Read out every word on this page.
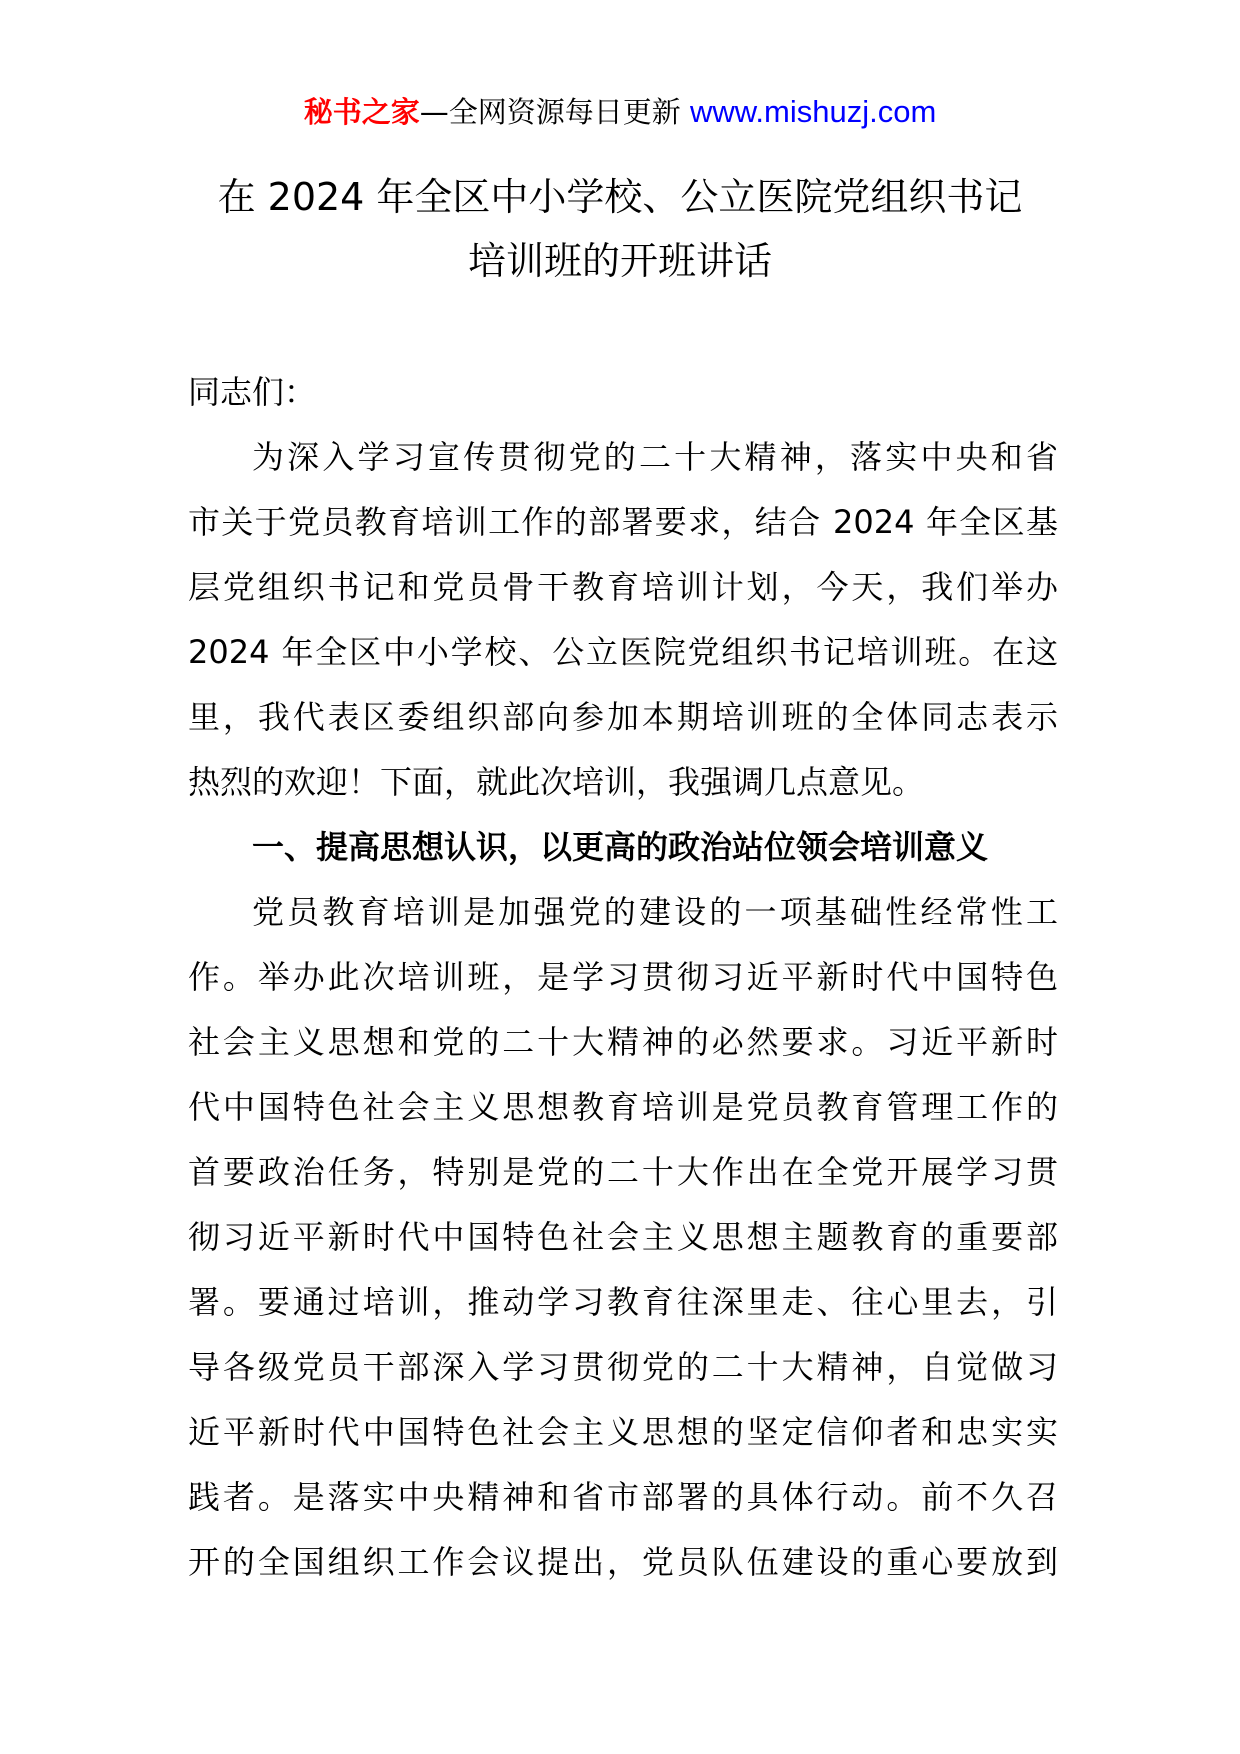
秘书之家—全网资源每日更新 www.mishuzj.com
在 2024 年全区中小学校、公立医院党组织书记
培训班的开班讲话
同志们：
为深入学习宣传贯彻党的二十大精神，落实中央和省
市关于党员教育培训工作的部署要求，结合 2024 年全区基
层党组织书记和党员骨干教育培训计划，今天，我们举办
2024 年全区中小学校、公立医院党组织书记培训班。在这
里，我代表区委组织部向参加本期培训班的全体同志表示
热烈的欢迎！下面，就此次培训，我强调几点意见。
一、提高思想认识，以更高的政治站位领会培训意义
党员教育培训是加强党的建设的一项基础性经常性工
作。举办此次培训班，是学习贯彻习近平新时代中国特色
社会主义思想和党的二十大精神的必然要求。习近平新时
代中国特色社会主义思想教育培训是党员教育管理工作的
首要政治任务，特别是党的二十大作出在全党开展学习贯
彻习近平新时代中国特色社会主义思想主题教育的重要部
署。要通过培训，推动学习教育往深里走、往心里去，引
导各级党员干部深入学习贯彻党的二十大精神，自觉做习
近平新时代中国特色社会主义思想的坚定信仰者和忠实实
践者。是落实中央精神和省市部署的具体行动。前不久召
开的全国组织工作会议提出，党员队伍建设的重心要放到
